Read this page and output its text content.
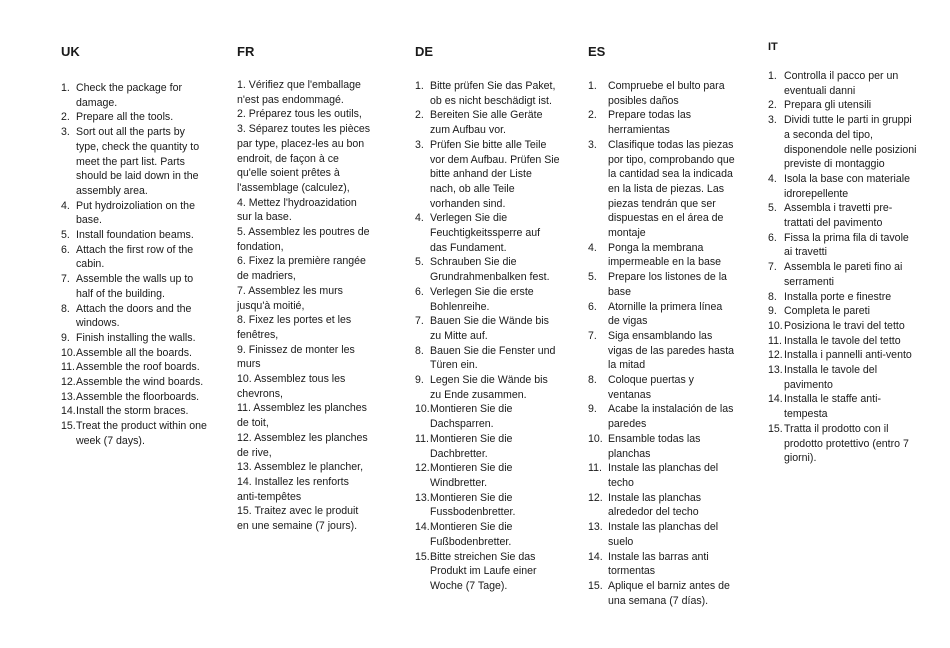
UK
1. Check the package for damage.
2. Prepare all the tools.
3. Sort out all the parts by type, check the quantity to meet the part list. Parts should be laid down in the assembly area.
4. Put hydroizoliation on the base.
5. Install foundation beams.
6. Attach the first row of the cabin.
7. Assemble the walls up to half of the building.
8. Attach the doors and the windows.
9. Finish installing the walls.
10. Assemble all the boards.
11. Assemble the roof boards.
12. Assemble the wind boards.
13. Assemble the floorboards.
14. Install the storm braces.
15. Treat the product within one week (7 days).
FR
1. Vérifiez que l'emballage
n'est pas endommagé.
2. Préparez tous les outils,
3. Séparez toutes les pièces
par type, placez-les au bon
endroit, de façon à ce
qu'elle soient prêtes à
l'assemblage (calculez),
4. Mettez l'hydroazidation
sur la base.
5. Assemblez les poutres de
fondation,
6. Fixez la première rangée
de madriers,
7. Assemblez les murs
jusqu'à moitié,
8. Fixez les portes et les
fenêtres,
9. Finissez de monter les
murs
10. Assemblez tous les
chevrons,
11. Assemblez les planches
de toit,
12. Assemblez les planches
de rive,
13. Assemblez le plancher,
14. Installez les renforts
anti-tempêtes
15. Traitez avec le produit
en une semaine (7 jours).
DE
1. Bitte prüfen Sie das Paket, ob es nicht beschädigt ist.
2. Bereiten Sie alle Geräte zum Aufbau vor.
3. Prüfen Sie bitte alle Teile vor dem Aufbau. Prüfen Sie bitte anhand der Liste nach, ob alle Teile vorhanden sind.
4. Verlegen Sie die Feuchtigkeitssperre auf das Fundament.
5. Schrauben Sie die Grundrahmenbalken fest.
6. Verlegen Sie die erste Bohlenreihe.
7. Bauen Sie die Wände bis zu Mitte auf.
8. Bauen Sie die Fenster und Türen ein.
9. Legen Sie die Wände bis zu Ende zusammen.
10. Montieren Sie die Dachsparren.
11. Montieren Sie die Dachbretter.
12. Montieren Sie die Windbretter.
13. Montieren Sie die Fussbodenbretter.
14. Montieren Sie die Fußbodenbretter.
15. Bitte streichen Sie das Produkt im Laufe einer Woche (7 Tage).
ES
1.	Compruebe el bulto para posibles daños
2.	Prepare todas las herramientas
3.	Clasifique todas las piezas por tipo, comprobando que la cantidad sea la indicada en la lista de piezas. Las piezas tendrán que ser dispuestas en el área de montaje
4.	Ponga la membrana impermeable en la base
5.	Prepare los listones de la base
6.	Atornille la primera línea de vigas
7.	Siga ensamblando las vigas de las paredes hasta la mitad
8.	Coloque puertas y ventanas
9.	Acabe la instalación de las paredes
10. Ensamble todas las planchas
11. Instale las planchas del techo
12. Instale las planchas alrededor del techo
13. Instale las planchas del suelo
14. Instale las barras anti tormentas
15. Aplique el barniz antes de una semana (7 días).
IT
1. Controlla il pacco per un eventuali danni
2. Prepara gli utensili
3. Dividi tutte le parti in gruppi a seconda del tipo, disponendole nelle posizioni previste di montaggio
4. Isola la base con materiale idrorepellente
5. Assembla i travetti pre-trattati del pavimento
6. Fissa la prima fila di tavole ai travetti
7. Assembla le pareti fino ai serramenti
8. Installa porte e finestre
9. Completa le pareti
10. Posiziona le travi del tetto
11. Installa le tavole del tetto
12. Installa i pannelli anti-vento
13. Installa le tavole del pavimento
14. Installa le staffe anti-tempesta
15. Tratta il prodotto con il prodotto protettivo (entro 7 giorni).
